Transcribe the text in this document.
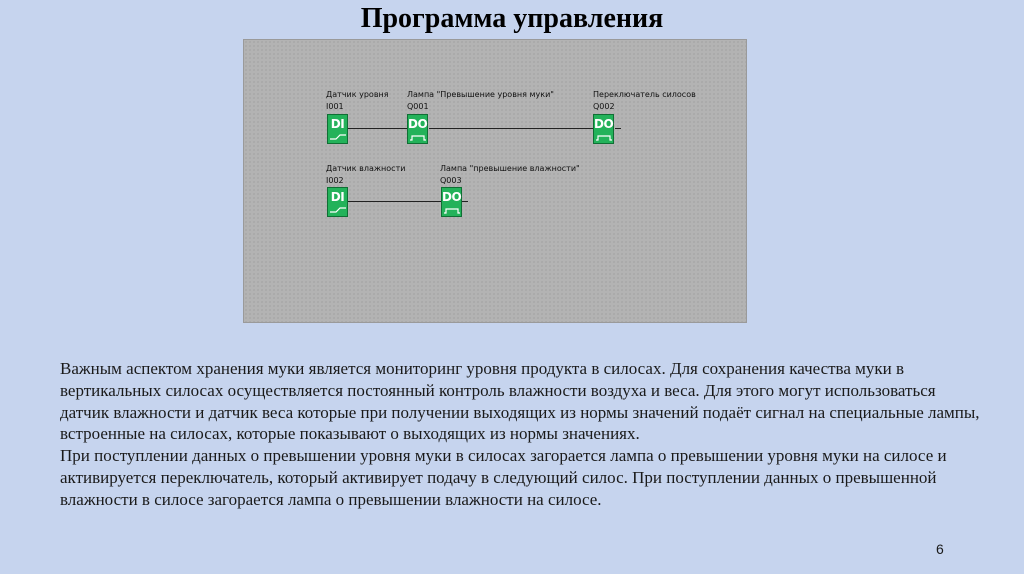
Программа управления
Датчик уровня
I001
Лампа "Превышение уровня муки"
Q001
Переключатель силосов
Q002
DI	DO	DO
Датчик влажности
I002
Лампа "превышение влажности"
Q003
DI	DO

Важным аспектом хранения муки является мониторинг уровня продукта в силосах. Для сохранения качества муки в вертикальных силосах осуществляется постоянный контроль влажности воздуха и веса. Для этого могут использоваться датчик влажности и датчик веса которые при получении выходящих из нормы значений подаёт сигнал на специальные лампы, встроенные на силосах, которые показывают о выходящих из нормы значениях.

При поступлении данных о превышении уровня муки в силосах загорается лампа о превышении уровня муки на силосе и активируется переключатель, который активирует подачу в следующий силос. При поступлении данных о превышенной влажности в силосе загорается лампа о превышении влажности на силосе.

6
